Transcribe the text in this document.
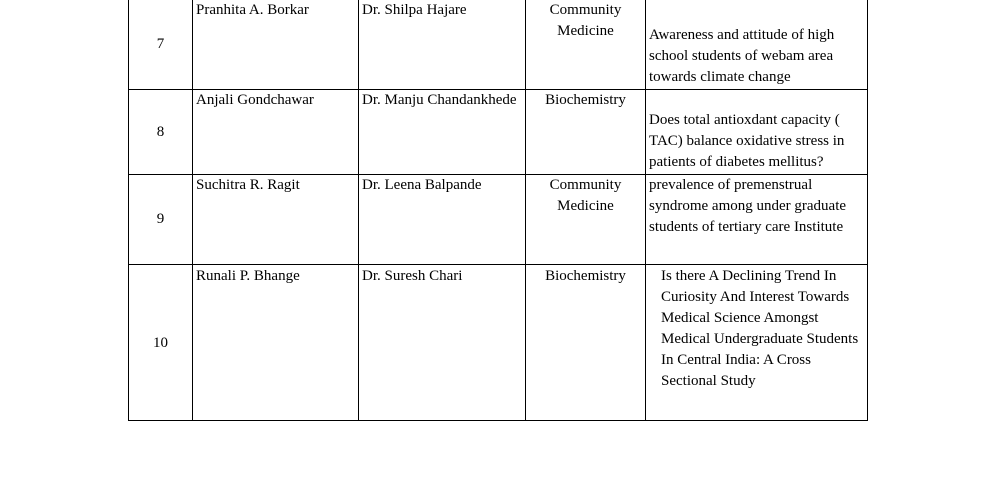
7	Pranhita A. Borkar	Dr. Shilpa Hajare	Community Medicine	Awareness and attitude of high school students of webam area towards climate change

8	Anjali Gondchawar	Dr. Manju Chandankhede	Biochemistry	Does total antioxdant capacity ( TAC) balance oxidative stress in patients of diabetes mellitus?

9	Suchitra R. Ragit	Dr. Leena Balpande	Community Medicine	prevalence of premenstrual syndrome among under graduate students of tertiary care Institute

10	Runali P. Bhange	Dr. Suresh Chari	Biochemistry	Is there A Declining Trend In Curiosity And Interest Towards Medical Science Amongst Medical Undergraduate Students In Central India: A Cross Sectional Study
